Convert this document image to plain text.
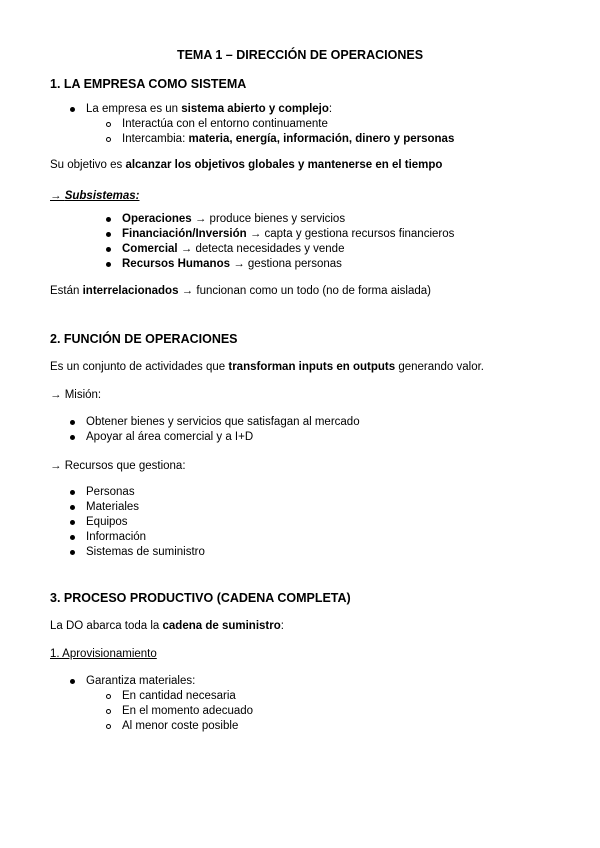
TEMA 1 – DIRECCIÓN DE OPERACIONES
1. LA EMPRESA COMO SISTEMA
La empresa es un sistema abierto y complejo:
Interactúa con el entorno continuamente
Intercambia: materia, energía, información, dinero y personas
Su objetivo es alcanzar los objetivos globales y mantenerse en el tiempo
→ Subsistemas:
Operaciones → produce bienes y servicios
Financiación/Inversión → capta y gestiona recursos financieros
Comercial → detecta necesidades y vende
Recursos Humanos → gestiona personas
Están interrelacionados → funcionan como un todo (no de forma aislada)
2. FUNCIÓN DE OPERACIONES
Es un conjunto de actividades que transforman inputs en outputs generando valor.
→ Misión:
Obtener bienes y servicios que satisfagan al mercado
Apoyar al área comercial y a I+D
→ Recursos que gestiona:
Personas
Materiales
Equipos
Información
Sistemas de suministro
3. PROCESO PRODUCTIVO (CADENA COMPLETA)
La DO abarca toda la cadena de suministro:
1. Aprovisionamiento
Garantiza materiales:
En cantidad necesaria
En el momento adecuado
Al menor coste posible
